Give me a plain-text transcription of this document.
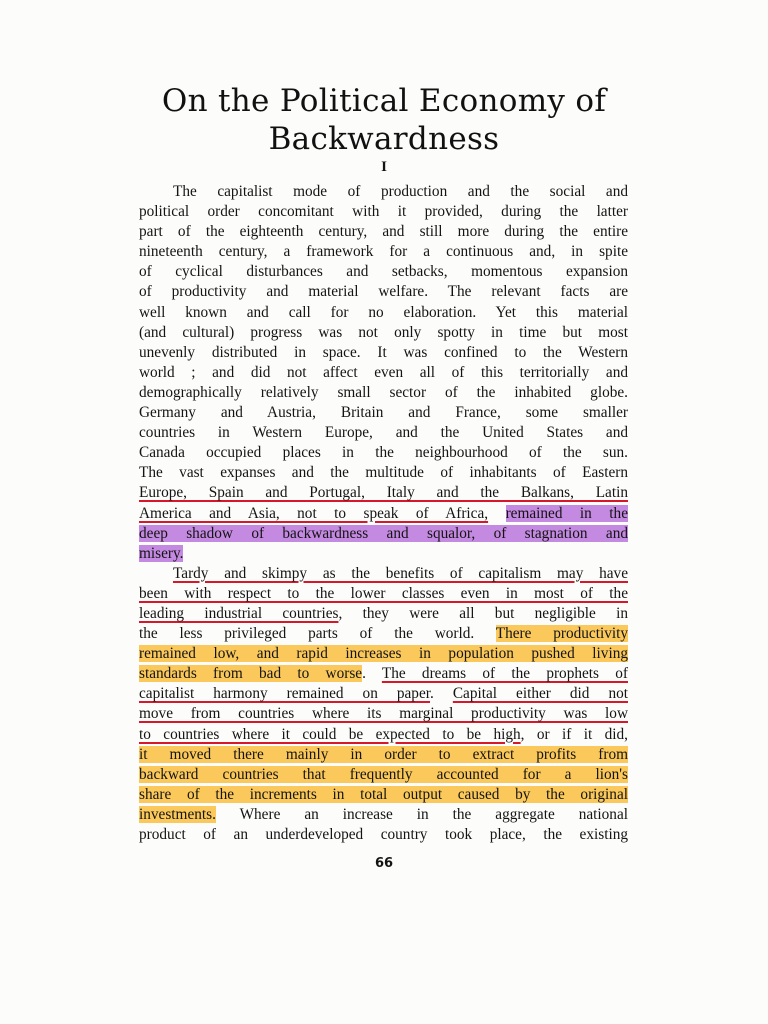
On the Political Economy of
Backwardness
I
The capitalist mode of production and the social and
political order concomitant with it provided, during the latter
part of the eighteenth century, and still more during the entire
nineteenth century, a framework for a continuous and, in spite
of cyclical disturbances and setbacks, momentous expansion
of productivity and material welfare. The relevant facts are
well known and call for no elaboration. Yet this material
(and cultural) progress was not only spotty in time but most
unevenly distributed in space. It was confined to the Western
world ; and did not affect even all of this territorially and
demographically relatively small sector of the inhabited globe.
Germany and Austria, Britain and France, some smaller
countries in Western Europe, and the United States and
Canada occupied places in the neighbourhood of the sun.
The vast expanses and the multitude of inhabitants of Eastern
Europe, Spain and Portugal, Italy and the Balkans, Latin
America and Asia, not to speak of Africa, remained in the
deep shadow of backwardness and squalor, of stagnation and
misery.
Tardy and skimpy as the benefits of capitalism may have
been with respect to the lower classes even in most of the
leading industrial countries, they were all but negligible in
the less privileged parts of the world. There productivity
remained low, and rapid increases in population pushed living
standards from bad to worse. The dreams of the prophets of
capitalist harmony remained on paper. Capital either did not
move from countries where its marginal productivity was low
to countries where it could be expected to be high, or if it did,
it moved there mainly in order to extract profits from
backward countries that frequently accounted for a lion's
share of the increments in total output caused by the original
investments. Where an increase in the aggregate national
product of an underdeveloped country took place, the existing
66
